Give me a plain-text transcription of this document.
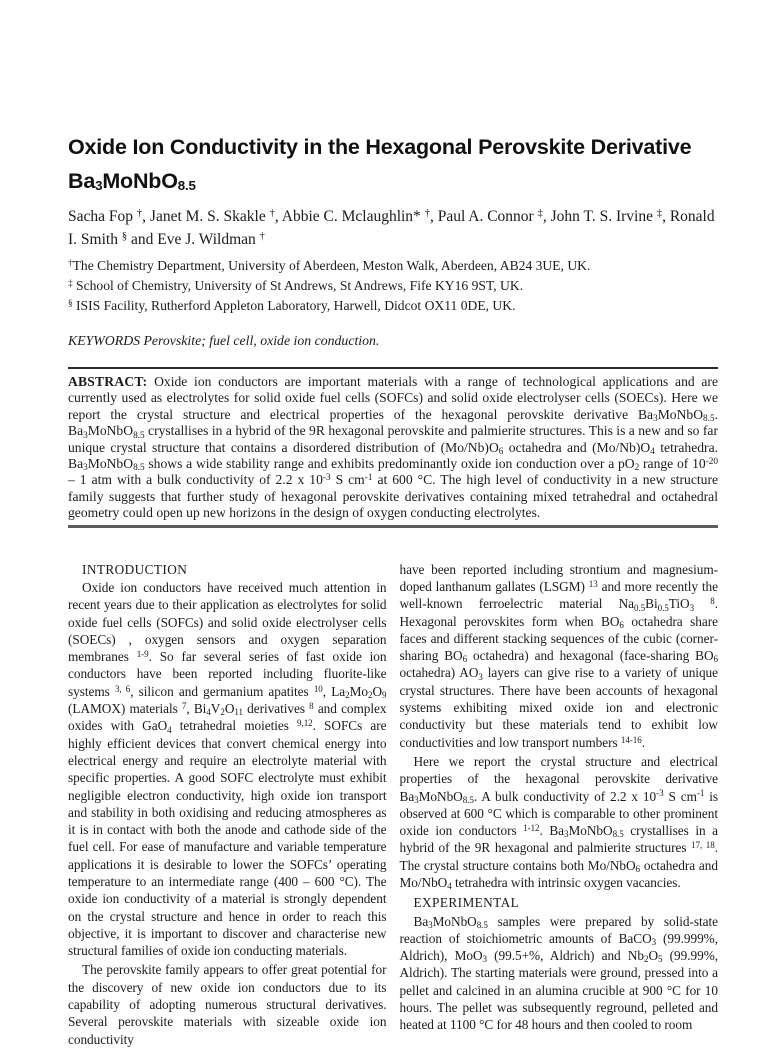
Oxide Ion Conductivity in the Hexagonal Perovskite Derivative
$Ba_3MoNbO_{8.5}$

Sacha Fop †, Janet M. S. Skakle †, Abbie C. Mclaughlin* †, Paul A. Connor ‡, John T. S. Irvine ‡, Ronald I. Smith § and Eve J. Wildman †

†The Chemistry Department, University of Aberdeen, Meston Walk, Aberdeen, AB24 3UE, UK.

‡ School of Chemistry, University of St Andrews, St Andrews, Fife KY16 9ST, UK.

§ ISIS Facility, Rutherford Appleton Laboratory, Harwell, Didcot OX11 0DE, UK.

KEYWORDS Perovskite; fuel cell, oxide ion conduction.

ABSTRACT: Oxide ion conductors are important materials with a range of technological applications and are currently used as electrolytes for solid oxide fuel cells (SOFCs) and solid oxide electrolyser cells (SOECs). Here we report the crystal structure and electrical properties of the hexagonal perovskite derivative $Ba_3MoNbO_{8.5}$. $Ba_3MoNbO_{8.5}$ crystallises in a hybrid of the 9R hexagonal perovskite and palmierite structures. This is a new and so far unique crystal structure that contains a disordered distribution of $(Mo/Nb)O_6$ octahedra and $(Mo/Nb)O_4$ tetrahedra. $Ba_3MoNbO_{8.5}$ shows a wide stability range and exhibits predominantly oxide ion conduction over a $pO_2$ range of $10^{-20} - 1$ atm with a bulk conductivity of 2.2 x $10^{-3}$ S $cm^{-1}$ at 600 °C. The high level of conductivity in a new structure family suggests that further study of hexagonal perovskite derivatives containing mixed tetrahedral and octahedral geometry could open up new horizons in the design of oxygen conducting electrolytes.

INTRODUCTION

Oxide ion conductors have received much attention in recent years due to their application as electrolytes for solid oxide fuel cells (SOFCs) and solid oxide electrolyser cells (SOECs) , oxygen sensors and oxygen separation membranes $^{1-9}$. So far several series of fast oxide ion conductors have been reported including fluorite-like systems $^{3, 6}$, silicon and germanium apatites $^{10}$, $La_2Mo_2O_9$ (LAMOX) materials $^7$, $Bi_4V_2O_{11}$ derivatives $^8$ and complex oxides with GaO$_4$ tetrahedral moieties $^{9,12}$. SOFCs are highly efficient devices that convert chemical energy into electrical energy and require an electrolyte material with specific properties. A good SOFC electrolyte must exhibit negligible electron conductivity, high oxide ion transport and stability in both oxidising and reducing atmospheres as it is in contact with both the anode and cathode side of the fuel cell. For ease of manufacture and variable temperature applications it is desirable to lower the SOFCs’ operating temperature to an intermediate range (400 – 600 °C). The oxide ion conductivity of a material is strongly dependent on the crystal structure and hence in order to reach this objective, it is important to discover and characterise new structural families of oxide ion conducting materials.

The perovskite family appears to offer great potential for the discovery of new oxide ion conductors due to its capability of adopting numerous structural derivatives. Several perovskite materials with sizeable oxide ion conductivity

have been reported including strontium and magnesium-doped lanthanum gallates (LSGM) $^{13}$ and more recently the well-known ferroelectric material $Na_{0.5}Bi_{0.5}TiO_3$ $^8$. Hexagonal perovskites form when $BO_6$ octahedra share faces and different stacking sequences of the cubic (corner-sharing $BO_6$ octahedra) and hexagonal (face-sharing $BO_6$ octahedra) $AO_3$ layers can give rise to a variety of unique crystal structures. There have been accounts of hexagonal systems exhibiting mixed oxide ion and electronic conductivity but these materials tend to exhibit low conductivities and low transport numbers $^{14-16}$.

Here we report the crystal structure and electrical properties of the hexagonal perovskite derivative $Ba_3MoNbO_{8.5}$. A bulk conductivity of 2.2 x $10^{-3}$ S $cm^{-1}$ is observed at 600 °C which is comparable to other prominent oxide ion conductors $^{1-12}$. $Ba_3MoNbO_{8.5}$ crystallises in a hybrid of the 9R hexagonal and palmierite structures $^{17, 18}$. The crystal structure contains both Mo/NbO$_6$ octahedra and Mo/NbO$_4$ tetrahedra with intrinsic oxygen vacancies.

EXPERIMENTAL

$Ba_3MoNbO_{8.5}$ samples were prepared by solid-state reaction of stoichiometric amounts of BaCO$_3$ (99.999%, Aldrich), MoO$_3$ (99.5+%, Aldrich) and $Nb_2O_5$ (99.99%, Aldrich). The starting materials were ground, pressed into a pellet and calcined in an alumina crucible at 900 °C for 10 hours. The pellet was subsequently reground, pelleted and heated at 1100 °C for 48 hours and then cooled to room
